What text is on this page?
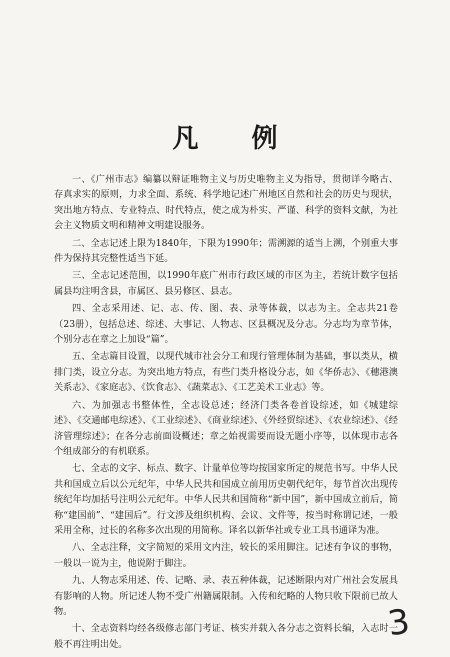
凡 例

一、《广州市志》编纂以辩证唯物主义与历史唯物主义为指导，贯彻详今略古、存真求实的原则，力求全面、系统、科学地记述广州地区自然和社会的历史与现状，突出地方特点、专业特点、时代特点，使之成为朴实、严谨、科学的资料文献，为社会主义物质文明和精神文明建设服务。

二、全志记述上限为1840年，下限为1990年；需溯源的适当上溯，个别重大事件为保持其完整性适当下延。

三、全志记述范围，以1990年底广州市行政区域的市区为主，若统计数字包括属县均注明含县，市属区、县另修区、县志。

四、全志采用述、记、志、传、图、表、录等体裁，以志为主。全志共21卷（23册），包括总述、综述、大事记、人物志、区县概况及分志。分志均为章节体，个别分志在章之上加设“篇”。

五、全志篇目设置，以现代城市社会分工和现行管理体制为基础，事以类从，横排门类，设立分志。为突出地方特点，有些门类升格设分志，如《华侨志》、《穗港澳关系志》、《家庭志》、《饮食志》、《蔬菜志》、《工艺美术工业志》等。

六、为加强志书整体性，全志设总述；经济门类各卷首设综述，如《城建综述》、《交通邮电综述》、《工业综述》、《商业综述》、《外经贸综述》、《农业综述》、《经济管理综述》；在各分志前面设概述；章之始视需要而设无题小序等，以体现市志各个组成部分的有机联系。

七、全志的文字、标点、数字、计量单位等均按国家所定的规范书写。中华人民共和国成立后以公元纪年，中华人民共和国成立前用历史朝代纪年，每节首次出现传统纪年均加括号注明公元纪年。中华人民共和国简称“新中国”，新中国成立前后，简称“建国前”、“建国后”。行文涉及组织机构、会议、文件等，按当时称谓记述，一般采用全称，过长的名称多次出现的用简称。译名以新华社或专业工具书通译为准。

八、全志注释，文字简短的采用文内注，较长的采用脚注。记述有争议的事物，一般以一说为主，他说附于脚注。

九、人物志采用述、传、记略、录、表五种体裁，记述断限内对广州社会发展具有影响的人物。所记述人物不受广州籍属限制。入传和纪略的人物只收下限前已故人物。

十、全志资料均经各级修志部门考证、核实并载入各分志之资料长编，入志时一般不再注明出处。	3
